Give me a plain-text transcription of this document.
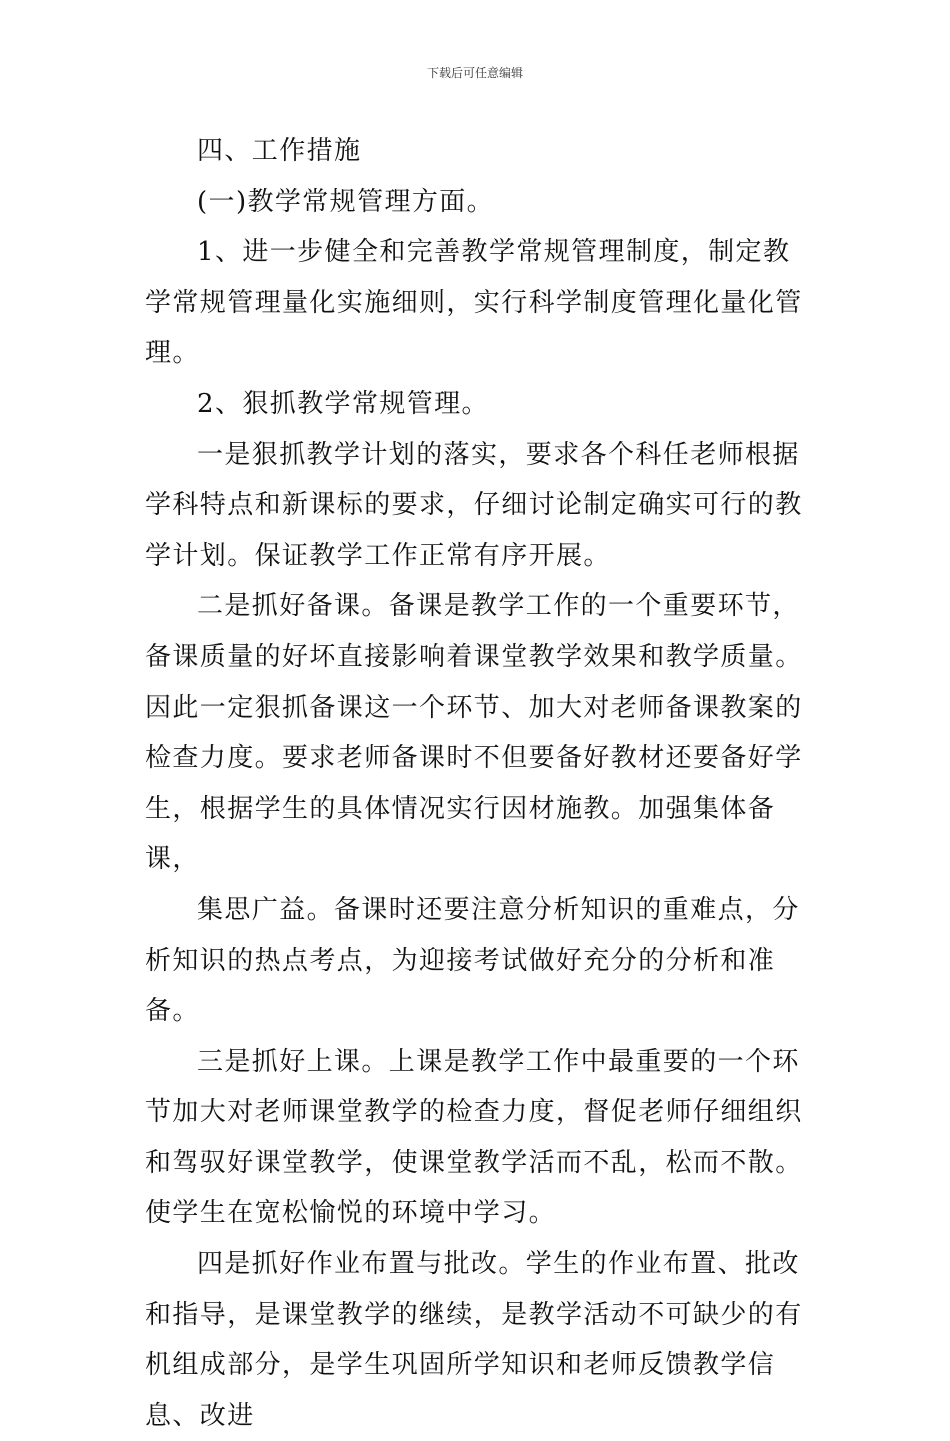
下载后可任意编辑

四、工作措施

(一)教学常规管理方面。

1、进一步健全和完善教学常规管理制度，制定教学常规管理量化实施细则，实行科学制度管理化量化管理。

2、狠抓教学常规管理。

一是狠抓教学计划的落实，要求各个科任老师根据学科特点和新课标的要求，仔细讨论制定确实可行的教学计划。保证教学工作正常有序开展。

二是抓好备课。备课是教学工作的一个重要环节，备课质量的好坏直接影响着课堂教学效果和教学质量。因此一定狠抓备课这一个环节、加大对老师备课教案的检查力度。要求老师备课时不但要备好教材还要备好学生，根据学生的具体情况实行因材施教。加强集体备课，

集思广益。备课时还要注意分析知识的重难点，分析知识的热点考点，为迎接考试做好充分的分析和准备。

三是抓好上课。上课是教学工作中最重要的一个环节加大对老师课堂教学的检查力度，督促老师仔细组织和驾驭好课堂教学，使课堂教学活而不乱，松而不散。使学生在宽松愉悦的环境中学习。

四是抓好作业布置与批改。学生的作业布置、批改和指导，是课堂教学的继续，是教学活动不可缺少的有机组成部分，是学生巩固所学知识和老师反馈教学信息、改进
